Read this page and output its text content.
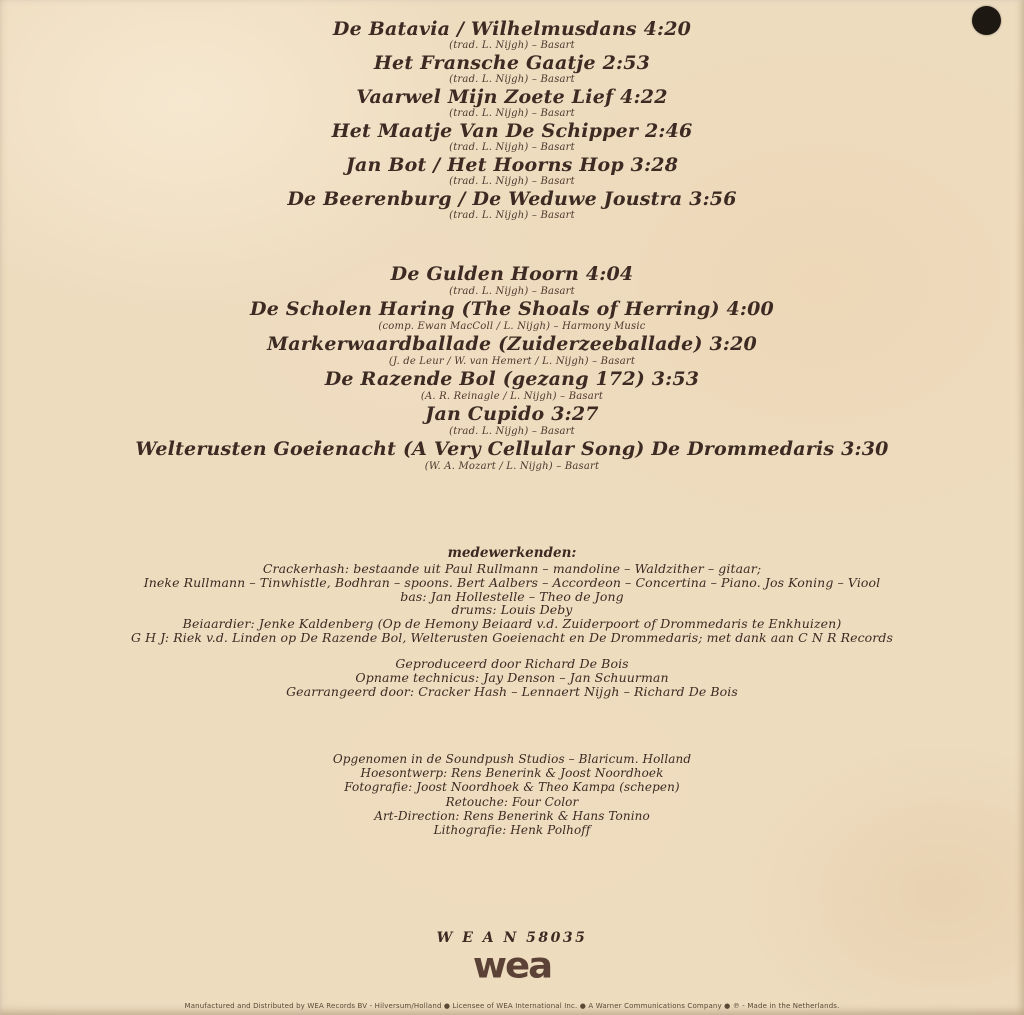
De Batavia / Wilhelmusdans 4:20
(trad. L. Nijgh) – Basart
Het Fransche Gaatje 2:53
(trad. L. Nijgh) – Basart
Vaarwel Mijn Zoete Lief 4:22
(trad. L. Nijgh) – Basart
Het Maatje Van De Schipper 2:46
(trad. L. Nijgh) – Basart
Jan Bot / Het Hoorns Hop 3:28
(trad. L. Nijgh) – Basart
De Beerenburg / De Weduwe Joustra 3:56
(trad. L. Nijgh) – Basart
De Gulden Hoorn 4:04
(trad. L. Nijgh) – Basart
De Scholen Haring (The Shoals of Herring) 4:00
(comp. Ewan MacColl / L. Nijgh) – Harmony Music
Markerwaardballade (Zuiderzeeballade) 3:20
(J. de Leur / W. van Hemert / L. Nijgh) – Basart
De Razende Bol (gezang 172) 3:53
(A. R. Reinagle / L. Nijgh) – Basart
Jan Cupido 3:27
(trad. L. Nijgh) – Basart
Welterusten Goeienacht (A Very Cellular Song) De Drommedaris 3:30
(W. A. Mozart / L. Nijgh) – Basart
medewerkenden:
Crackerhash: bestaande uit Paul Rullmann – mandoline – Waldzither – gitaar;
Ineke Rullmann – Tinwhistle, Bodhran – spoons. Bert Aalbers – Accordeon – Concertina – Piano. Jos Koning – Viool
bas: Jan Hollestelle – Theo de Jong
drums: Louis Deby
Beiaardier: Jenke Kaldenberg (Op de Hemony Beiaard v.d. Zuiderpoort of Drommedaris te Enkhuizen)
G H J: Riek v.d. Linden op De Razende Bol, Welterusten Goeienacht en De Drommedaris; met dank aan C N R Records
Geproduceerd door Richard De Bois
Opname technicus: Jay Denson – Jan Schuurman
Gearrangeerd door: Cracker Hash – Lennaert Nijgh – Richard De Bois
Opgenomen in de Soundpush Studios – Blaricum. Holland
Hoesontwerp: Rens Benerink & Joost Noordhoek
Fotografie: Joost Noordhoek & Theo Kampa (schepen)
Retouche: Four Color
Art-Direction: Rens Benerink & Hans Tonino
Lithografie: Henk Polhoff
W E A N 58035
wea
Manufactured and Distributed by WEA Records BV - Hilversum/Holland ● Licensee of WEA International Inc. ● A Warner Communications Company ● ℗ - Made in the Netherlands.
